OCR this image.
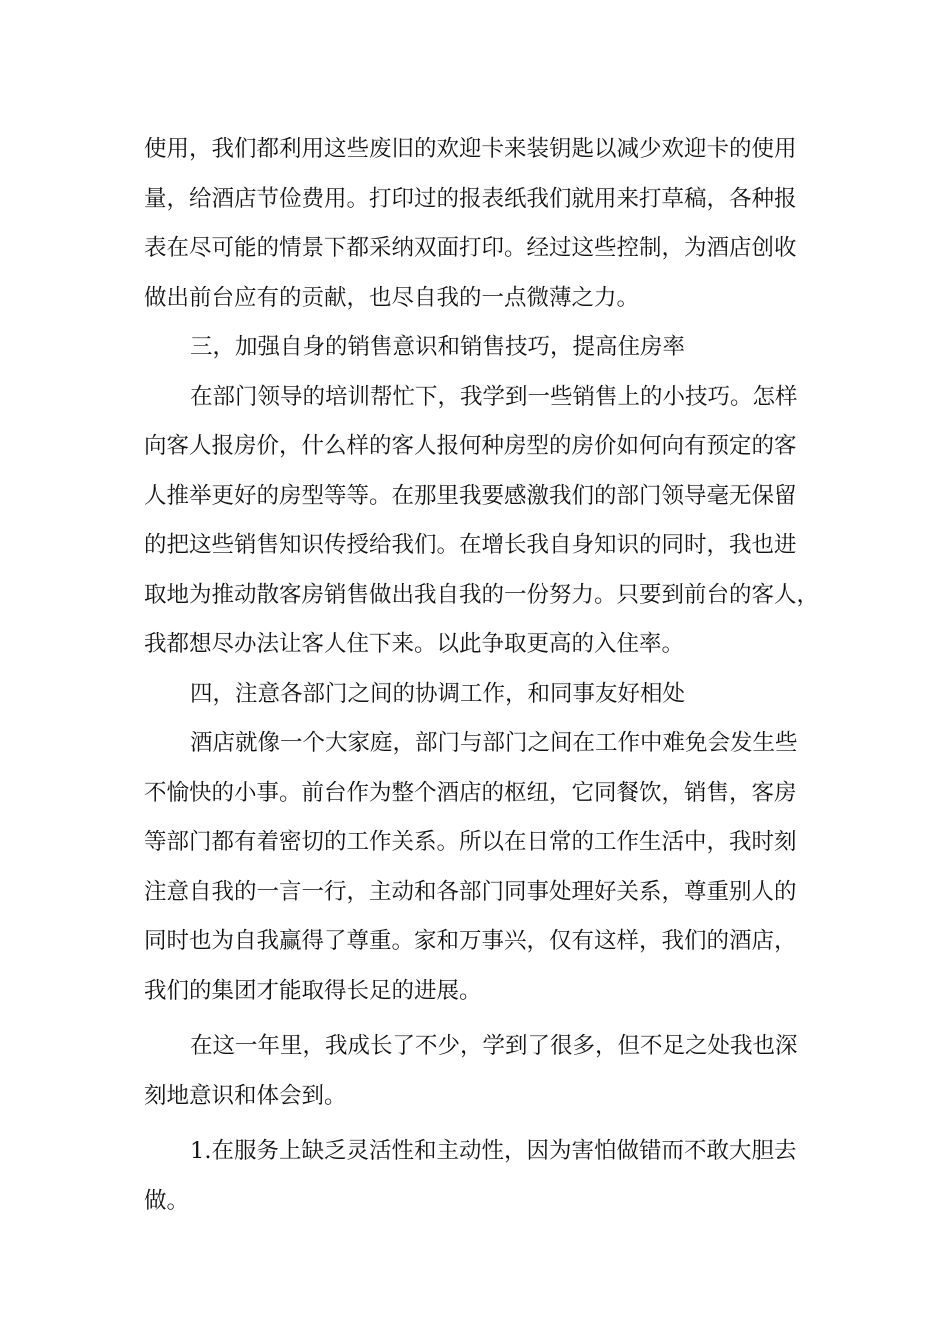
使用，我们都利用这些废旧的欢迎卡来装钥匙以减少欢迎卡的使用
量，给酒店节俭费用。打印过的报表纸我们就用来打草稿，各种报
表在尽可能的情景下都采纳双面打印。经过这些控制，为酒店创收
做出前台应有的贡献，也尽自我的一点微薄之力。
三，加强自身的销售意识和销售技巧，提高住房率
在部门领导的培训帮忙下，我学到一些销售上的小技巧。怎样
向客人报房价，什么样的客人报何种房型的房价如何向有预定的客
人推举更好的房型等等。在那里我要感激我们的部门领导毫无保留
的把这些销售知识传授给我们。在增长我自身知识的同时，我也进
取地为推动散客房销售做出我自我的一份努力。只要到前台的客人，
我都想尽办法让客人住下来。以此争取更高的入住率。
四，注意各部门之间的协调工作，和同事友好相处
酒店就像一个大家庭，部门与部门之间在工作中难免会发生些
不愉快的小事。前台作为整个酒店的枢纽，它同餐饮，销售，客房
等部门都有着密切的工作关系。所以在日常的工作生活中，我时刻
注意自我的一言一行，主动和各部门同事处理好关系，尊重别人的
同时也为自我赢得了尊重。家和万事兴，仅有这样，我们的酒店，
我们的集团才能取得长足的进展。
在这一年里，我成长了不少，学到了很多，但不足之处我也深
刻地意识和体会到。
1.在服务上缺乏灵活性和主动性，因为害怕做错而不敢大胆去
做。
